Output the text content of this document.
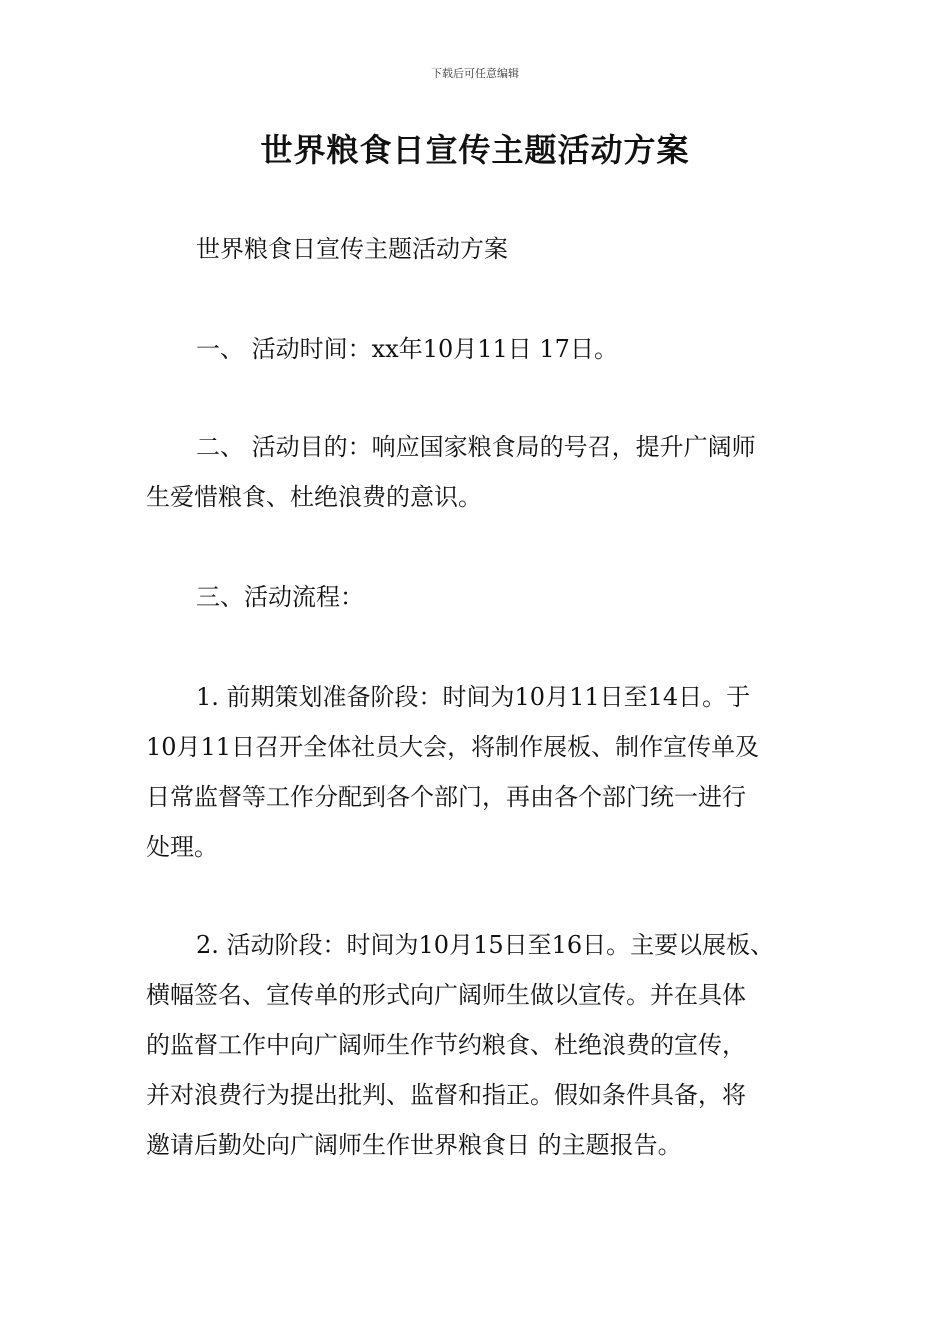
下载后可任意编辑
世界粮食日宣传主题活动方案
世界粮食日宣传主题活动方案
一、 活动时间：xx年10月11日 17日。
二、 活动目的：响应国家粮食局的号召，提升广阔师
生爱惜粮食、杜绝浪费的意识。
三、活动流程：
1. 前期策划准备阶段：时间为10月11日至14日。于
10月11日召开全体社员大会，将制作展板、制作宣传单及
日常监督等工作分配到各个部门，再由各个部门统一进行
处理。
2. 活动阶段：时间为10月15日至16日。主要以展板、
横幅签名、宣传单的形式向广阔师生做以宣传。并在具体
的监督工作中向广阔师生作节约粮食、杜绝浪费的宣传，
并对浪费行为提出批判、监督和指正。假如条件具备，将
邀请后勤处向广阔师生作世界粮食日 的主题报告。
